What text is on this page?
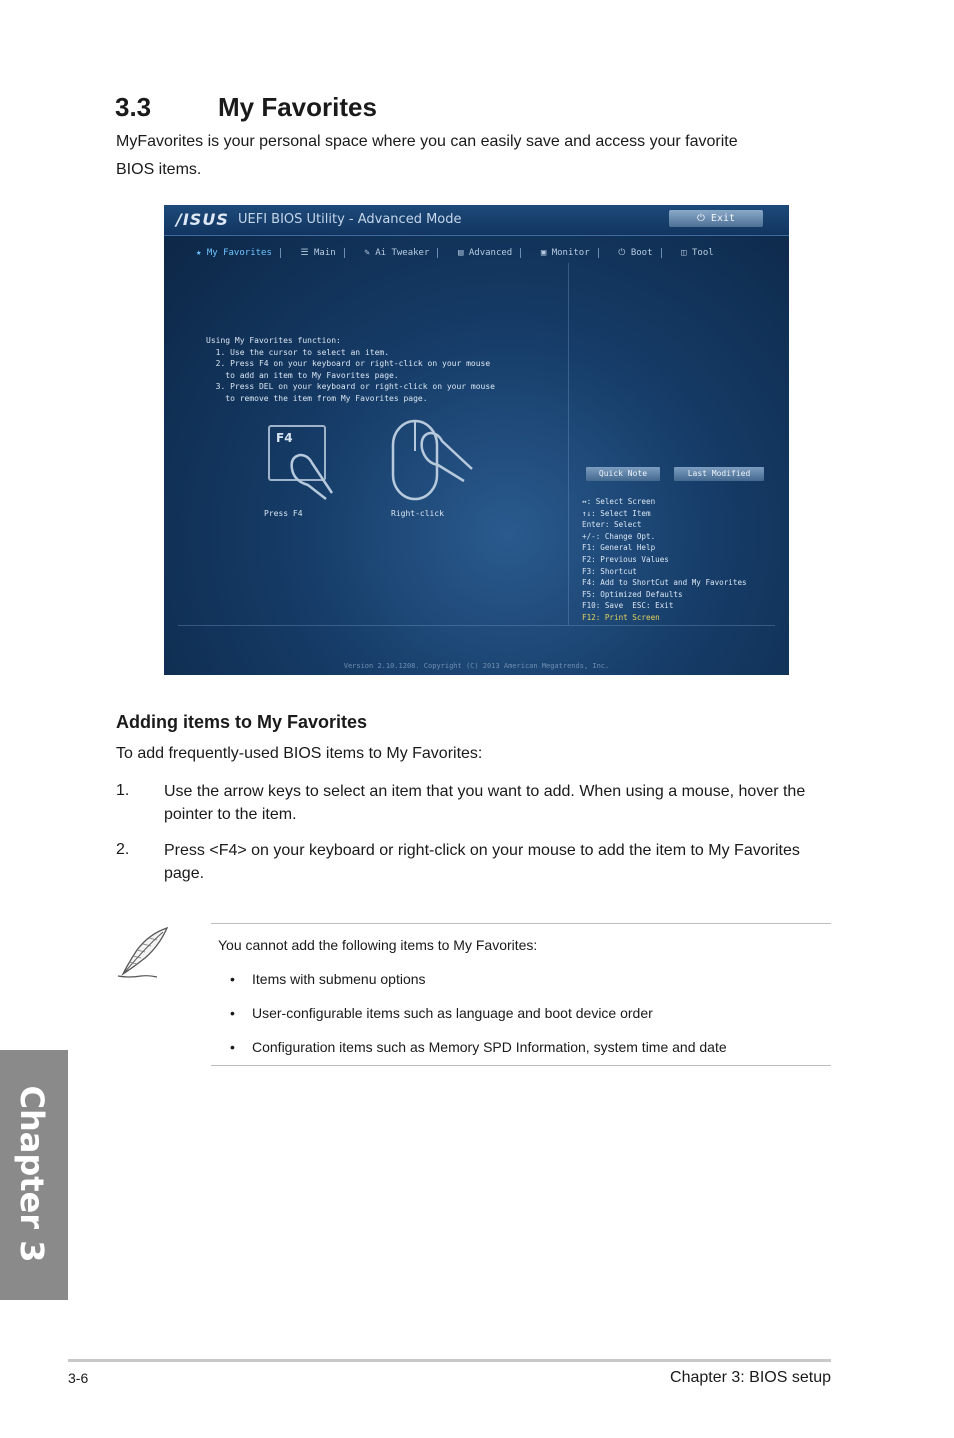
3.3	My Favorites
MyFavorites is your personal space where you can easily save and access your favorite
BIOS items.
/ISUS UEFI BIOS Utility - Advanced Mode	⏻ Exit
★ My Favorites	☰ Main	✎ Ai Tweaker	▤ Advanced	▣ Monitor	⏻ Boot	◫ Tool
Using My Favorites function:
1. Use the cursor to select an item.
2. Press F4 on your keyboard or right-click on your mouse
to add an item to My Favorites page.
3. Press DEL on your keyboard or right-click on your mouse
to remove the item from My Favorites page.
F4
Press F4	Right-click
Quick Note	Last Modified
↔: Select Screen
↑↓: Select Item
Enter: Select
+/-: Change Opt.
F1: General Help
F2: Previous Values
F3: Shortcut
F4: Add to ShortCut and My Favorites
F5: Optimized Defaults
F10: Save  ESC: Exit
F12: Print Screen
Version 2.10.1208. Copyright (C) 2013 American Megatrends, Inc.
Adding items to My Favorites
To add frequently-used BIOS items to My Favorites:
1. Use the arrow keys to select an item that you want to add. When using a mouse, hover the pointer to the item.
2. Press <F4> on your keyboard or right-click on your mouse to add the item to My Favorites page.
You cannot add the following items to My Favorites:
• Items with submenu options
• User-configurable items such as language and boot device order
• Configuration items such as Memory SPD Information, system time and date
Chapter 3
3-6	Chapter 3: BIOS setup
